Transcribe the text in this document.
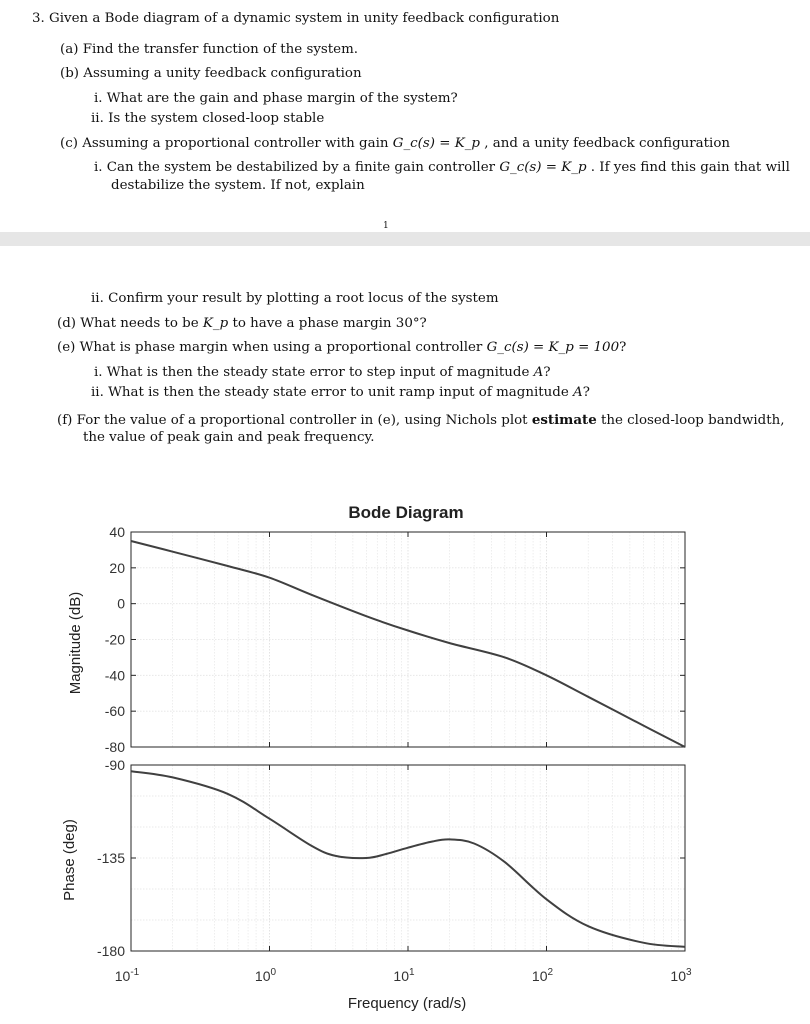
3. Given a Bode diagram of a dynamic system in unity feedback configuration
(a) Find the transfer function of the system.
(b) Assuming a unity feedback configuration
i. What are the gain and phase margin of the system?
ii. Is the system closed-loop stable
(c) Assuming a proportional controller with gain G_c(s) = K_p , and a unity feedback configuration
i. Can the system be destabilized by a finite gain controller G_c(s) = K_p . If yes find this gain that will
destabilize the system. If not, explain
1
ii. Confirm your result by plotting a root locus of the system
(d) What needs to be K_p to have a phase margin 30°?
(e) What is phase margin when using a proportional controller G_c(s) = K_p = 100?
i. What is then the steady state error to step input of magnitude A?
ii. What is then the steady state error to unit ramp input of magnitude A?
(f) For the value of a proportional controller in (e), using Nichols plot estimate the closed-loop bandwidth,
the value of peak gain and peak frequency.
Bode Diagram
40
20
0
-20
-40
-60
-80
-90
-135
-180
$10^{-1}$	$10^0$	$10^1$	$10^2$	$10^3$
Magnitude (dB)
Phase (deg)
Frequency (rad/s)
